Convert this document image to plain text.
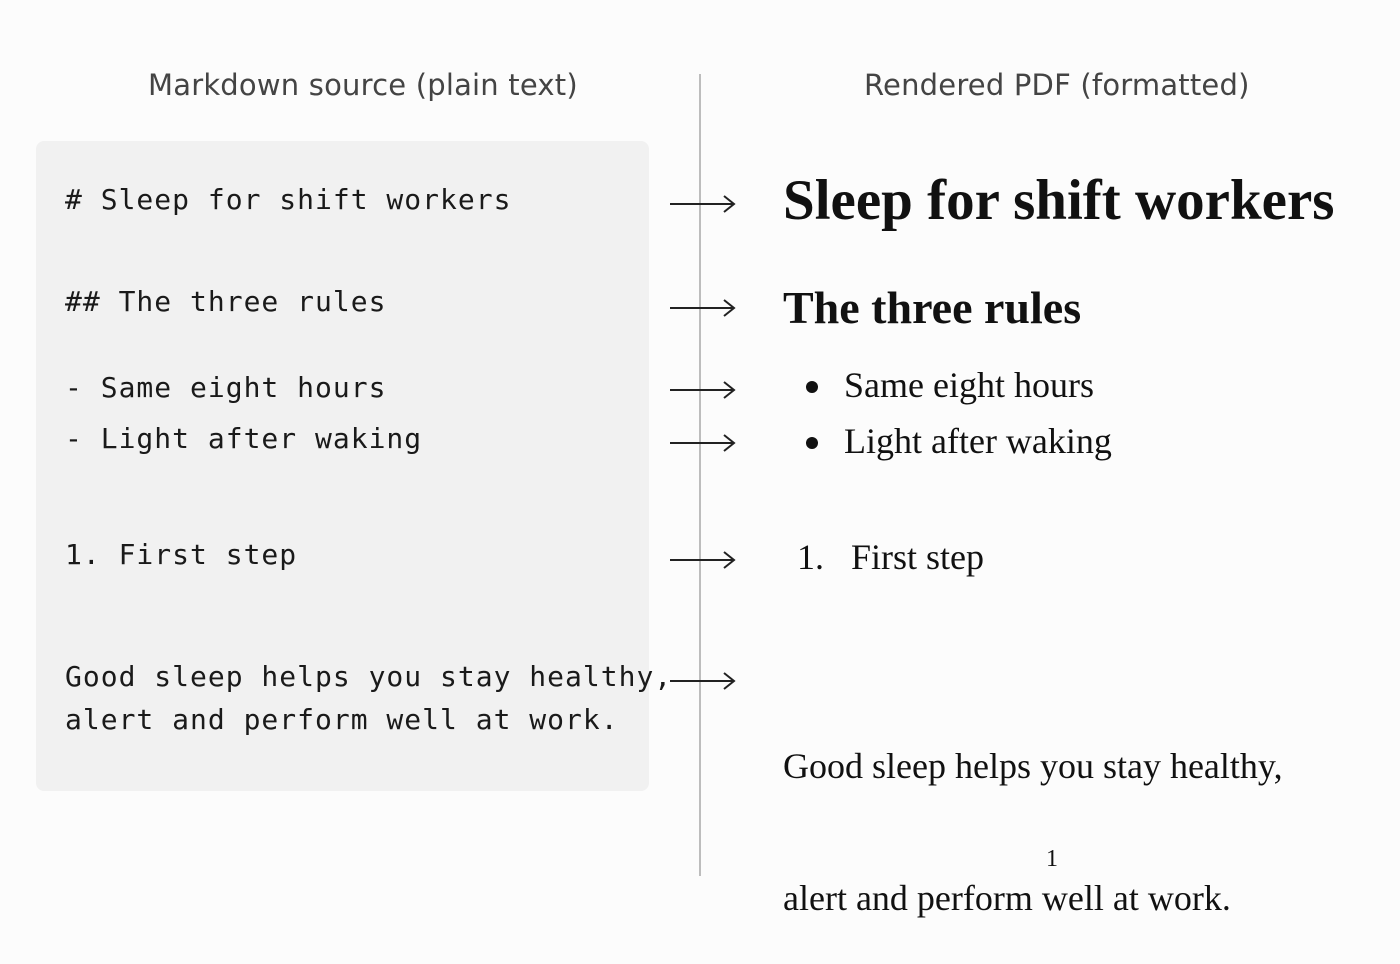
Markdown source (plain text)	Rendered PDF (formatted)
# Sleep for shift workers
## The three rules
- Same eight hours
- Light after waking
1. First step
Good sleep helps you stay healthy,
alert and perform well at work.
Sleep for shift workers
The three rules
Same eight hours
Light after waking
1. First step

Good sleep helps you stay healthy,

alert and perform well at work.

1
